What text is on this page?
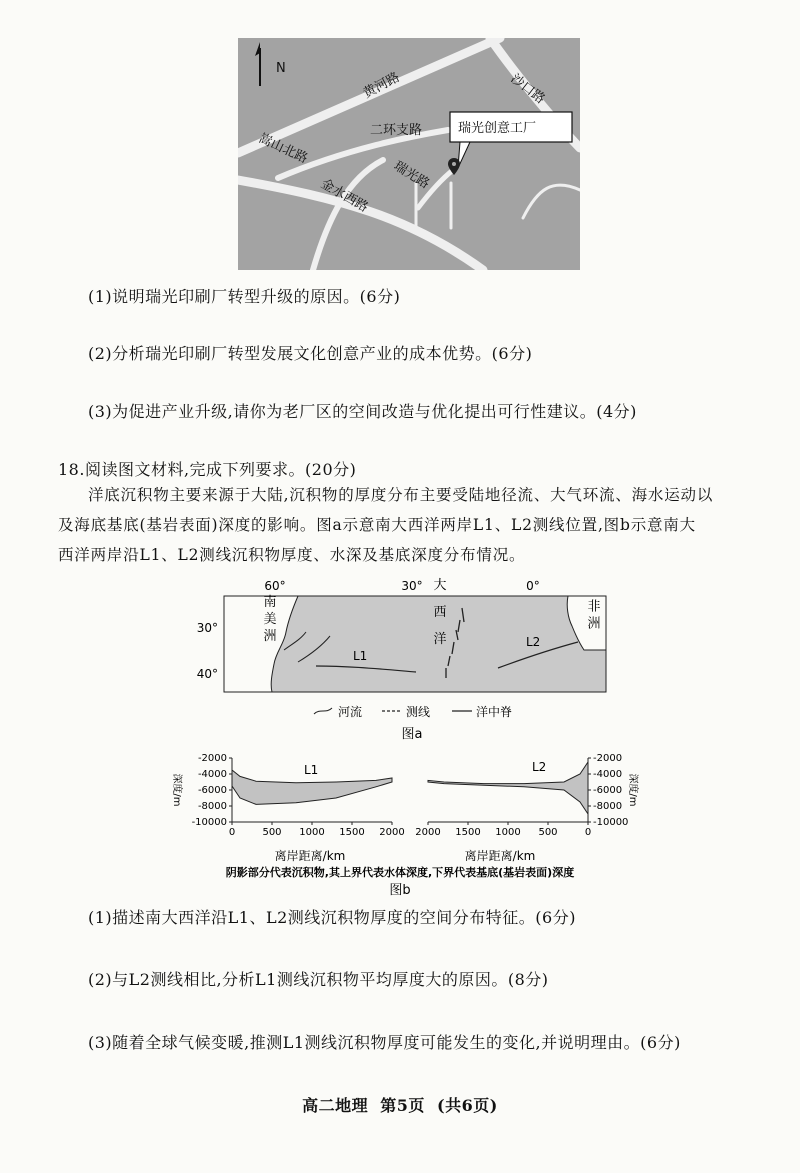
N
黄河路	沙口路
二环支路
嵩山北路
瑞光路
金水西路
瑞光创意工厂
(1)说明瑞光印刷厂转型升级的原因。(6分)
(2)分析瑞光印刷厂转型发展文化创意产业的成本优势。(6分)
(3)为促进产业升级,请你为老厂区的空间改造与优化提出可行性建议。(4分)
18.阅读图文材料,完成下列要求。(20分)
洋底沉积物主要来源于大陆,沉积物的厚度分布主要受陆地径流、大气环流、海水运动以
及海底基底(基岩表面)深度的影响。图a示意南大西洋两岸L1、L2测线位置,图b示意南大
西洋两岸沿L1、L2测线沉积物厚度、水深及基底深度分布情况。
60°	30°	0°
30°
40°
南美洲	大西洋	非洲
L1
L2
河流	测线	洋中脊
图a
-2000	-2000
-4000	-4000
-6000	-6000
-8000	-8000
-10000	-10000
0	500 1000 1500 2000 2000 1500 1000 500	0
深度/m	深度/m
L1	L2
离岸距离/km	离岸距离/km
阴影部分代表沉积物,其上界代表水体深度,下界代表基底(基岩表面)深度
图b
(1)描述南大西洋沿L1、L2测线沉积物厚度的空间分布特征。(6分)
(2)与L2测线相比,分析L1测线沉积物平均厚度大的原因。(8分)
(3)随着全球气候变暖,推测L1测线沉积物厚度可能发生的变化,并说明理由。(6分)
高二地理  第5页  (共6页)
